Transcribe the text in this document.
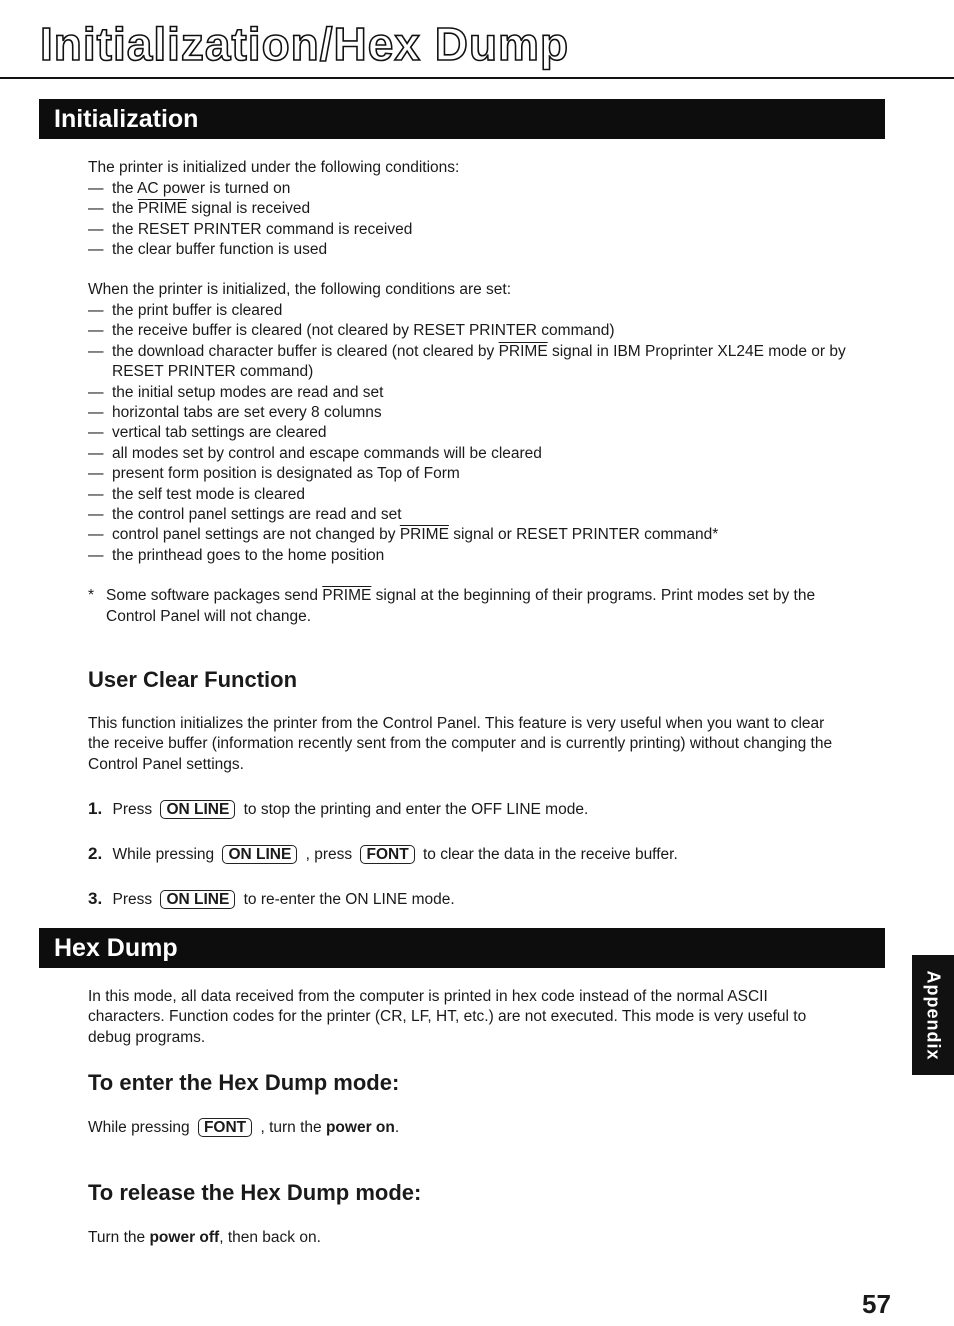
Initialization/Hex Dump
Initialization

The printer is initialized under the following conditions:

— the AC power is turned on
— the PRIME signal is received
— the RESET PRINTER command is received
— the clear buffer function is used

When the printer is initialized, the following conditions are set:

— the print buffer is cleared
— the receive buffer is cleared (not cleared by RESET PRINTER command)
— the download character buffer is cleared (not cleared by PRIME signal in IBM Proprinter XL24E mode or by RESET PRINTER command)
— the initial setup modes are read and set
— horizontal tabs are set every 8 columns
— vertical tab settings are cleared
— all modes set by control and escape commands will be cleared
— present form position is designated as Top of Form
— the self test mode is cleared
— the control panel settings are read and set
— control panel settings are not changed by PRIME signal or RESET PRINTER command*
— the printhead goes to the home position

* Some software packages send PRIME signal at the beginning of their programs. Print modes set by the Control Panel will not change.

User Clear Function

This function initializes the printer from the Control Panel. This feature is very useful when you want to clear the receive buffer (information recently sent from the computer and is currently printing) without changing the Control Panel settings.

1. Press ON LINE to stop the printing and enter the OFF LINE mode.

2. While pressing ON LINE , press FONT to clear the data in the receive buffer.

3. Press ON LINE to re-enter the ON LINE mode.

Hex Dump

In this mode, all data received from the computer is printed in hex code instead of the normal ASCII characters. Function codes for the printer (CR, LF, HT, etc.) are not executed. This mode is very useful to debug programs.

To enter the Hex Dump mode:

While pressing FONT , turn the power on.

To release the Hex Dump mode:

Turn the power off, then back on.

Appendix

57
